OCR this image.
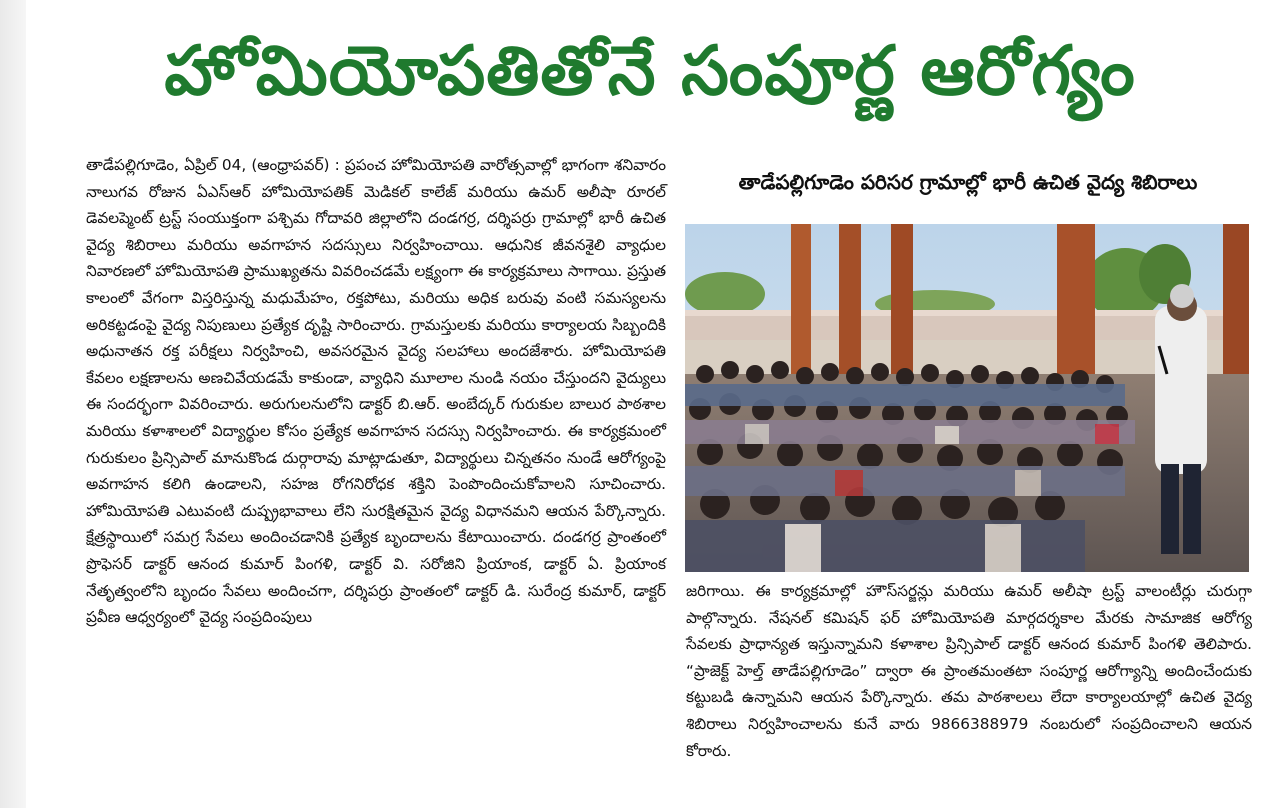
హోమియోపతితోనే సంపూర్ణ ఆరోగ్యం

తాడేపల్లిగూడెం, ఏప్రిల్ 04, (ఆంధ్రాపవర్) : ప్రపంచ హోమియోపతి వారోత్సవాల్లో భాగంగా శనివారం నాలుగవ రోజున ఏఎస్ఆర్ హోమియోపతిక్ మెడికల్ కాలేజ్ మరియు ఉమర్ అలీషా రూరల్ డెవలప్మెంట్ ట్రస్ట్ సంయుక్తంగా పశ్చిమ గోదావరి జిల్లాలోని దండగర్ర, దర్శిపర్రు గ్రామాల్లో భారీ ఉచిత వైద్య శిబిరాలు మరియు అవగాహన సదస్సులు నిర్వహించాయి. ఆధునిక జీవనశైలి వ్యాధుల నివారణలో హోమియోపతి ప్రాముఖ్యతను వివరించడమే లక్ష్యంగా ఈ కార్యక్రమాలు సాగాయి. ప్రస్తుత కాలంలో వేగంగా విస్తరిస్తున్న మధుమేహం, రక్తపోటు, మరియు అధిక బరువు వంటి సమస్యలను అరికట్టడంపై వైద్య నిపుణులు ప్రత్యేక దృష్టి సారించారు. గ్రామస్తులకు మరియు కార్యాలయ సిబ్బందికి అధునాతన రక్త పరీక్షలు నిర్వహించి, అవసరమైన వైద్య సలహాలు అందజేశారు. హోమియోపతి కేవలం లక్షణాలను అణచివేయడమే కాకుండా, వ్యాధిని మూలాల నుండి నయం చేస్తుందని వైద్యులు ఈ సందర్భంగా వివరించారు. అరుగులనులోని డాక్టర్ బి.ఆర్. అంబేద్కర్ గురుకుల బాలుర పాఠశాల మరియు కళాశాలలో విద్యార్థుల కోసం ప్రత్యేక అవగాహన సదస్సు నిర్వహించారు. ఈ కార్యక్రమంలో గురుకులం ప్రిన్సిపాల్ మానుకొండ దుర్గారావు మాట్లాడుతూ, విద్యార్థులు చిన్నతనం నుండే ఆరోగ్యంపై అవగాహన కలిగి ఉండాలని, సహజ రోగనిరోధక శక్తిని పెంపొందించుకోవాలని సూచించారు. హోమియోపతి ఎటువంటి దుష్ప్రభావాలు లేని సురక్షితమైన వైద్య విధానమని ఆయన పేర్కొన్నారు. క్షేత్రస్థాయిలో సమగ్ర సేవలు అందించడానికి ప్రత్యేక బృందాలను కేటాయించారు. దండగర్ర ప్రాంతంలో ప్రొఫెసర్ డాక్టర్ ఆనంద కుమార్ పింగళి, డాక్టర్ వి. సరోజిని ప్రియాంక, డాక్టర్ ఏ. ప్రియాంక నేతృత్వంలోని బృందం సేవలు అందించగా, దర్శిపర్రు ప్రాంతంలో డాక్టర్ డి. సురేంద్ర కుమార్, డాక్టర్ ప్రవీణ ఆధ్వర్యంలో వైద్య సంప్రదింపులు

తాడేపల్లిగూడెం పరిసర గ్రామాల్లో భారీ ఉచిత వైద్య శిబిరాలు

జరిగాయి. ఈ కార్యక్రమాల్లో హౌస్‌సర్జన్లు మరియు ఉమర్ అలీషా ట్రస్ట్ వాలంటీర్లు చురుగ్గా పాల్గొన్నారు. నేషనల్ కమిషన్ ఫర్ హోమియోపతి మార్గదర్శకాల మేరకు సామాజిక ఆరోగ్య సేవలకు ప్రాధాన్యత ఇస్తున్నామని కళాశాల ప్రిన్సిపాల్ డాక్టర్ ఆనంద కుమార్ పింగళి తెలిపారు. “ప్రాజెక్ట్ హెల్త్ తాడేపల్లిగూడెం” ద్వారా ఈ ప్రాంతమంతటా సంపూర్ణ ఆరోగ్యాన్ని అందించేందుకు కట్టుబడి ఉన్నామని ఆయన పేర్కొన్నారు. తమ పాఠశాలలు లేదా కార్యాలయాల్లో ఉచిత వైద్య శిబిరాలు నిర్వహించాలను కునే వారు 9866388979 నంబరులో సంప్రదించాలని ఆయన కోరారు.
